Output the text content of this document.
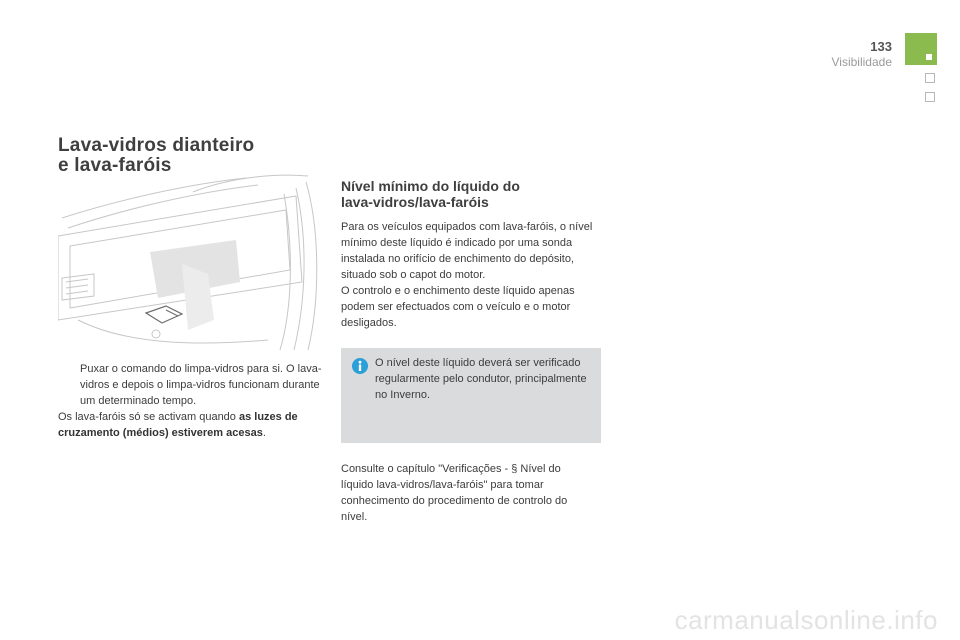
133
Visibilidade
Lava-vidros dianteiro
e lava-faróis
Puxar o comando do limpa-vidros para si. O lava-vidros e depois o limpa-vidros funcionam durante um determinado tempo.

Os lava-faróis só se activam quando as luzes de cruzamento (médios) estiverem acesas.

Nível mínimo do líquido do
lava-vidros/lava-faróis

Para os veículos equipados com lava-faróis, o nível mínimo deste líquido é indicado por uma sonda instalada no orifício de enchimento do depósito, situado sob o capot do motor.

O controlo e o enchimento deste líquido apenas podem ser efectuados com o veículo e o motor desligados.

O nível deste líquido deverá ser verificado regularmente pelo condutor, principalmente no Inverno.

Consulte o capítulo "Verificações - § Nível do líquido lava-vidros/lava-faróis" para tomar conhecimento do procedimento de controlo do nível.

carmanualsonline.info
